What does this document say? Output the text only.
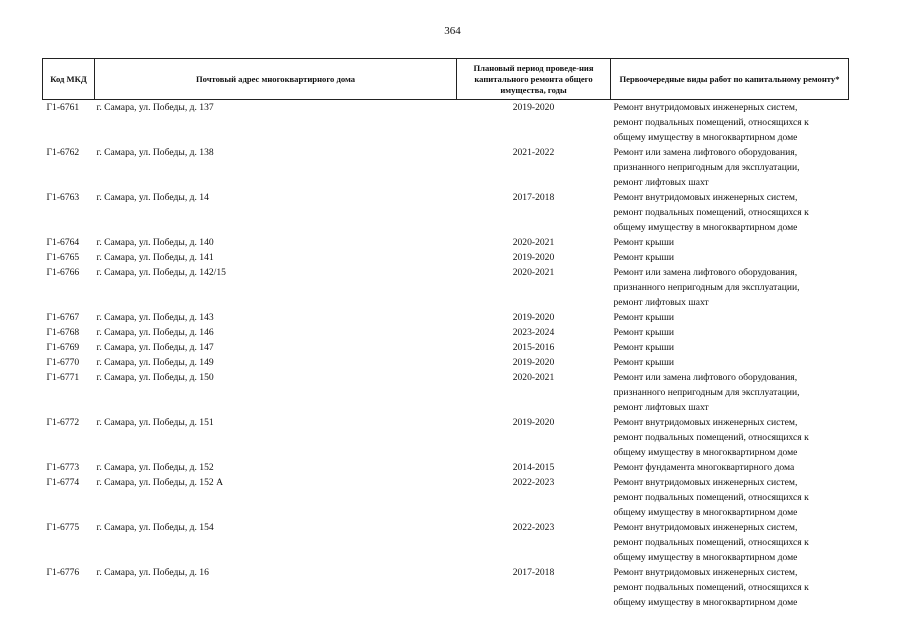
364
Код МКД	Почтовый адрес многоквартирного дома	Плановый период проведе-ния капитального ремонта общего имущества, годы	Первоочередные виды работ по капитальному ремонту*
Г1-6761	г. Самара, ул. Победы, д. 137	2019-2020	Ремонт внутридомовых инженерных систем,
ремонт подвальных помещений, относящихся к
общему имуществу в многоквартирном доме

Г1-6762	г. Самара, ул. Победы, д. 138	2021-2022	Ремонт или замена лифтового оборудования,
признанного непригодным для эксплуатации,
ремонт лифтовых шахт

Г1-6763	г. Самара, ул. Победы, д. 14	2017-2018	Ремонт внутридомовых инженерных систем,
ремонт подвальных помещений, относящихся к
общему имуществу в многоквартирном доме

Г1-6764	г. Самара, ул. Победы, д. 140	2020-2021	Ремонт крыши

Г1-6765	г. Самара, ул. Победы, д. 141	2019-2020	Ремонт крыши

Г1-6766	г. Самара, ул. Победы, д. 142/15	2020-2021	Ремонт или замена лифтового оборудования,
признанного непригодным для эксплуатации,
ремонт лифтовых шахт

Г1-6767	г. Самара, ул. Победы, д. 143	2019-2020	Ремонт крыши

Г1-6768	г. Самара, ул. Победы, д. 146	2023-2024	Ремонт крыши

Г1-6769	г. Самара, ул. Победы, д. 147	2015-2016	Ремонт крыши

Г1-6770	г. Самара, ул. Победы, д. 149	2019-2020	Ремонт крыши

Г1-6771	г. Самара, ул. Победы, д. 150	2020-2021	Ремонт или замена лифтового оборудования,
признанного непригодным для эксплуатации,
ремонт лифтовых шахт

Г1-6772	г. Самара, ул. Победы, д. 151	2019-2020	Ремонт внутридомовых инженерных систем,
ремонт подвальных помещений, относящихся к
общему имуществу в многоквартирном доме

Г1-6773	г. Самара, ул. Победы, д. 152	2014-2015	Ремонт фундамента многоквартирного дома

Г1-6774	г. Самара, ул. Победы, д. 152 А	2022-2023	Ремонт внутридомовых инженерных систем,
ремонт подвальных помещений, относящихся к
общему имуществу в многоквартирном доме

Г1-6775	г. Самара, ул. Победы, д. 154	2022-2023	Ремонт внутридомовых инженерных систем,
ремонт подвальных помещений, относящихся к
общему имуществу в многоквартирном доме

Г1-6776	г. Самара, ул. Победы, д. 16	2017-2018	Ремонт внутридомовых инженерных систем,
ремонт подвальных помещений, относящихся к
общему имуществу в многоквартирном доме
